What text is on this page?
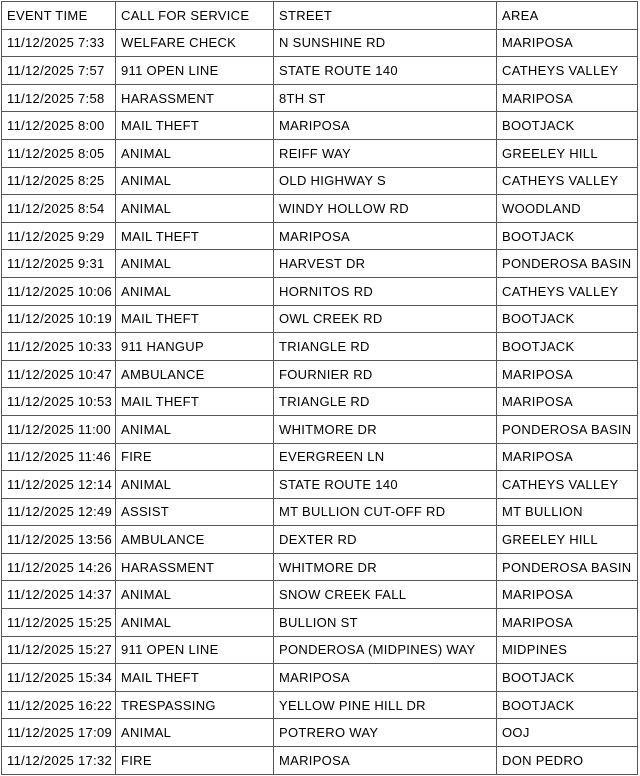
EVENT TIME	CALL FOR SERVICE	STREET	AREA
11/12/2025 7:33	WELFARE CHECK	N SUNSHINE RD	MARIPOSA
11/12/2025 7:57	911 OPEN LINE	STATE ROUTE 140	CATHEYS VALLEY
11/12/2025 7:58	HARASSMENT	8TH ST	MARIPOSA
11/12/2025 8:00	MAIL THEFT	MARIPOSA	BOOTJACK
11/12/2025 8:05	ANIMAL	REIFF WAY	GREELEY HILL
11/12/2025 8:25	ANIMAL	OLD HIGHWAY S	CATHEYS VALLEY
11/12/2025 8:54	ANIMAL	WINDY HOLLOW RD	WOODLAND
11/12/2025 9:29	MAIL THEFT	MARIPOSA	BOOTJACK
11/12/2025 9:31	ANIMAL	HARVEST DR	PONDEROSA BASIN
11/12/2025 10:06	ANIMAL	HORNITOS RD	CATHEYS VALLEY
11/12/2025 10:19	MAIL THEFT	OWL CREEK RD	BOOTJACK
11/12/2025 10:33	911 HANGUP	TRIANGLE RD	BOOTJACK
11/12/2025 10:47	AMBULANCE	FOURNIER RD	MARIPOSA
11/12/2025 10:53	MAIL THEFT	TRIANGLE RD	MARIPOSA
11/12/2025 11:00	ANIMAL	WHITMORE DR	PONDEROSA BASIN
11/12/2025 11:46	FIRE	EVERGREEN LN	MARIPOSA
11/12/2025 12:14	ANIMAL	STATE ROUTE 140	CATHEYS VALLEY
11/12/2025 12:49	ASSIST	MT BULLION CUT-OFF RD	MT BULLION
11/12/2025 13:56	AMBULANCE	DEXTER RD	GREELEY HILL
11/12/2025 14:26	HARASSMENT	WHITMORE DR	PONDEROSA BASIN
11/12/2025 14:37	ANIMAL	SNOW CREEK FALL	MARIPOSA
11/12/2025 15:25	ANIMAL	BULLION ST	MARIPOSA
11/12/2025 15:27	911 OPEN LINE	PONDEROSA (MIDPINES) WAY	MIDPINES
11/12/2025 15:34	MAIL THEFT	MARIPOSA	BOOTJACK
11/12/2025 16:22	TRESPASSING	YELLOW PINE HILL DR	BOOTJACK
11/12/2025 17:09	ANIMAL	POTRERO WAY	OOJ
11/12/2025 17:32	FIRE	MARIPOSA	DON PEDRO
